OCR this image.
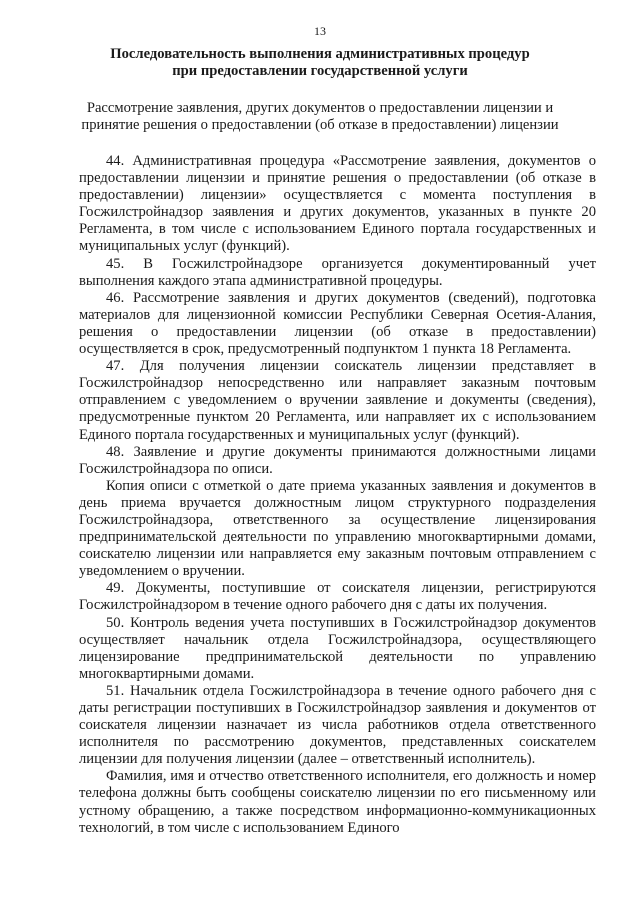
13
Последовательность выполнения административных процедур
при предоставлении государственной услуги
Рассмотрение заявления, других документов о предоставлении лицензии и
принятие решения о предоставлении (об отказе в предоставлении) лицензии

44. Административная процедура «Рассмотрение заявления, документов о предоставлении лицензии и принятие решения о предоставлении (об отказе в предоставлении) лицензии» осуществляется с момента поступления в Госжилстройнадзор заявления и других документов, указанных в пункте 20 Регламента, в том числе с использованием Единого портала государственных и муниципальных услуг (функций).

45. В Госжилстройнадзоре организуется документированный учет выполнения каждого этапа административной процедуры.

46. Рассмотрение заявления и других документов (сведений), подготовка материалов для лицензионной комиссии Республики Северная Осетия-Алания, решения о предоставлении лицензии (об отказе в предоставлении) осуществляется в срок, предусмотренный подпунктом 1 пункта 18 Регламента.

47. Для получения лицензии соискатель лицензии представляет в Госжилстройнадзор непосредственно или направляет заказным почтовым отправлением с уведомлением о вручении заявление и документы (сведения), предусмотренные пунктом 20 Регламента, или направляет их с использованием Единого портала государственных и муниципальных услуг (функций).

48. Заявление и другие документы принимаются должностными лицами Госжилстройнадзора по описи.

Копия описи с отметкой о дате приема указанных заявления и документов в день приема вручается должностным лицом структурного подразделения Госжилстройнадзора, ответственного за осуществление лицензирования предпринимательской деятельности по управлению многоквартирными домами, соискателю лицензии или направляется ему заказным почтовым отправлением с уведомлением о вручении.

49. Документы, поступившие от соискателя лицензии, регистрируются Госжилстройнадзором в течение одного рабочего дня с даты их получения.

50. Контроль ведения учета поступивших в Госжилстройнадзор документов осуществляет начальник отдела Госжилстройнадзора, осуществляющего лицензирование предпринимательской деятельности по управлению многоквартирными домами.

51. Начальник отдела Госжилстройнадзора в течение одного рабочего дня с даты регистрации поступивших в Госжилстройнадзор заявления и документов от соискателя лицензии назначает из числа работников отдела ответственного исполнителя по рассмотрению документов, представленных соискателем лицензии для получения лицензии (далее – ответственный исполнитель).

Фамилия, имя и отчество ответственного исполнителя, его должность и номер телефона должны быть сообщены соискателю лицензии по его письменному или устному обращению, а также посредством информационно-коммуникационных технологий, в том числе с использованием Единого
